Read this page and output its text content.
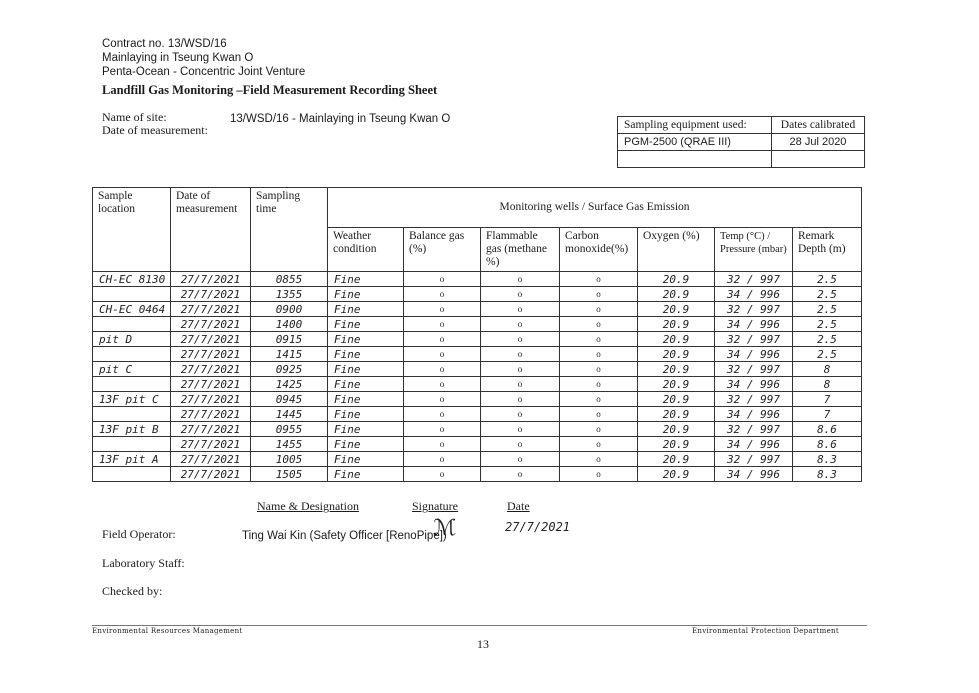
Contract no. 13/WSD/16
Mainlaying in Tseung Kwan O
Penta-Ocean - Concentric Joint Venture
Landfill Gas Monitoring –Field Measurement Recording Sheet
Name of site:	13/WSD/16 - Mainlaying in Tseung Kwan O
Date of measurement:	Sampling equipment used:	Dates calibrated
PGM-2500 (QRAE III)	28 Jul 2020

Sample location	Date of measurement	Sampling time	Monitoring wells / Surface Gas Emission						
			Weather condition	Balance gas (%)	Flammable gas (methane %)	Carbon monoxide(%)	Oxygen (%)	Temp (°C) / Pressure (mbar)	Remark Depth (m)
CH-EC 8130	27/7/2021	0855	Fine	o	o	o	20.9	32 / 997	2.5
	27/7/2021	1355	Fine	o	o	o	20.9	34 / 996	2.5
CH-EC 0464	27/7/2021	0900	Fine	o	o	o	20.9	32 / 997	2.5
	27/7/2021	1400	Fine	o	o	o	20.9	34 / 996	2.5
pit D	27/7/2021	0915	Fine	o	o	o	20.9	32 / 997	2.5
	27/7/2021	1415	Fine	o	o	o	20.9	34 / 996	2.5
pit C	27/7/2021	0925	Fine	o	o	o	20.9	32 / 997	8
	27/7/2021	1425	Fine	o	o	o	20.9	34 / 996	8
13F pit C	27/7/2021	0945	Fine	o	o	o	20.9	32 / 997	7
	27/7/2021	1445	Fine	o	o	o	20.9	34 / 996	7
13F pit B	27/7/2021	0955	Fine	o	o	o	20.9	32 / 997	8.6
	27/7/2021	1455	Fine	o	o	o	20.9	34 / 996	8.6
13F pit A	27/7/2021	1005	Fine	o	o	o	20.9	32 / 997	8.3
	27/7/2021	1505	Fine	o	o	o	20.9	34 / 996	8.3
Name & Designation	Signature	Date
Field Operator:	Ting Wai Kin (Safety Officer [RenoPipe])
ℳ	27/7/2021
Laboratory Staff:
Checked by:
Environmental Resources Management	Environmental Protection Department
13
